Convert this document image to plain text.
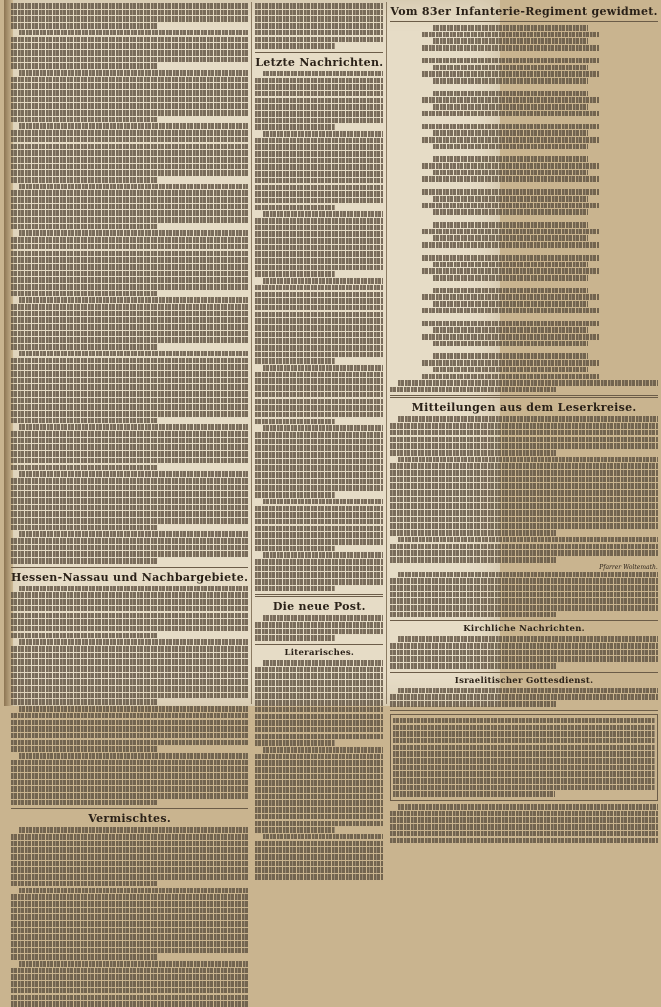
Hessen-Nassau und Nachbargebiete.
Vermischtes.
Letzte Nachrichten.
Die neue Post.
Literarisches.
Vom 83er Infanterie-Regiment gewidmet.
Mitteilungen aus dem Leserkreise.
Pfarrer Woltemath.
Kirchliche Nachrichten.
Israelitischer Gottesdienst.
